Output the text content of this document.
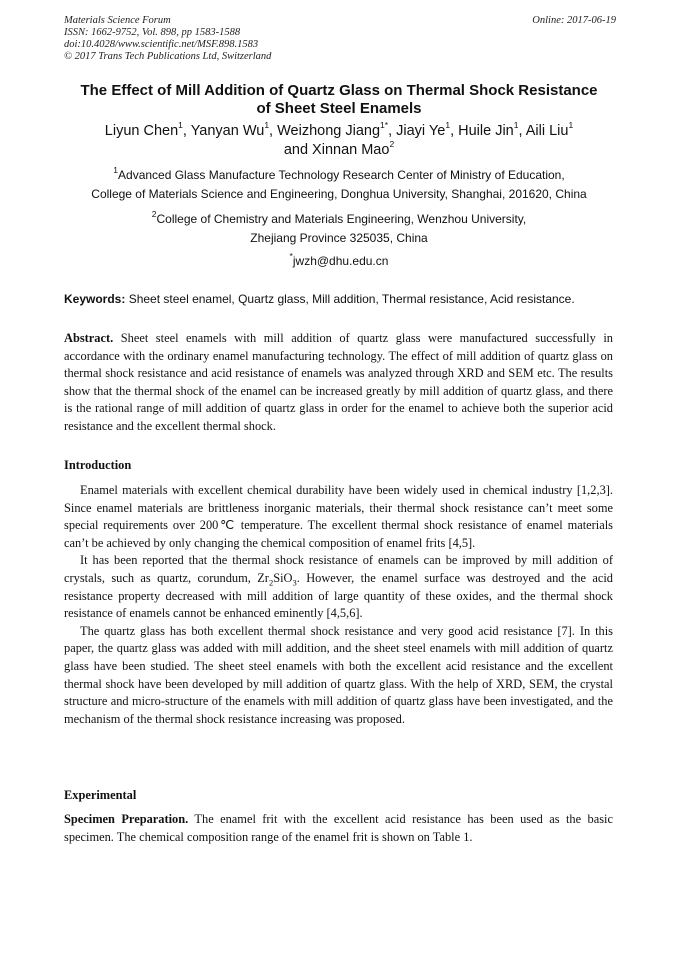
Materials Science Forum
ISSN: 1662-9752, Vol. 898, pp 1583-1588
doi:10.4028/www.scientific.net/MSF.898.1583
© 2017 Trans Tech Publications Ltd, Switzerland
Online: 2017-06-19
The Effect of Mill Addition of Quartz Glass on Thermal Shock Resistance
of Sheet Steel Enamels
Liyun Chen$^1$, Yanyan Wu$^1$, Weizhong Jiang$^{1*}$, Jiayi Ye$^1$, Huile Jin$^1$, Aili Liu$^1$
and Xinnan Mao$^2$
$^1$Advanced Glass Manufacture Technology Research Center of Ministry of Education,
College of Materials Science and Engineering, Donghua University, Shanghai, 201620, China
$^2$College of Chemistry and Materials Engineering, Wenzhou University,
Zhejiang Province 325035, China
*jwzh@dhu.edu.cn
Keywords: Sheet steel enamel, Quartz glass, Mill addition, Thermal resistance, Acid resistance.

Abstract. Sheet steel enamels with mill addition of quartz glass were manufactured successfully in accordance with the ordinary enamel manufacturing technology. The effect of mill addition of quartz glass on thermal shock resistance and acid resistance of enamels was analyzed through XRD and SEM etc. The results show that the thermal shock of the enamel can be increased greatly by mill addition of quartz glass, and there is the rational range of mill addition of quartz glass in order for the enamel to achieve both the superior acid resistance and the excellent thermal shock.

Introduction

Enamel materials with excellent chemical durability have been widely used in chemical industry [1,2,3]. Since enamel materials are brittleness inorganic materials, their thermal shock resistance can’t meet some special requirements over 200℃ temperature. The excellent thermal shock resistance of enamel materials can’t be achieved by only changing the chemical composition of enamel frits [4,5].

It has been reported that the thermal shock resistance of enamels can be improved by mill addition of crystals, such as quartz, corundum, $Zr_2SiO_3$. However, the enamel surface was destroyed and the acid resistance property decreased with mill addition of large quantity of these oxides, and the thermal shock resistance of enamels cannot be enhanced eminently [4,5,6].

The quartz glass has both excellent thermal shock resistance and very good acid resistance [7]. In this paper, the quartz glass was added with mill addition, and the sheet steel enamels with mill addition of quartz glass have been studied. The sheet steel enamels with both the excellent acid resistance and the excellent thermal shock have been developed by mill addition of quartz glass. With the help of XRD, SEM, the crystal structure and micro-structure of the enamels with mill addition of quartz glass have been investigated, and the mechanism of the thermal shock resistance increasing was proposed.

Experimental

Specimen Preparation. The enamel frit with the excellent acid resistance has been used as the basic specimen. The chemical composition range of the enamel frit is shown on Table 1.
